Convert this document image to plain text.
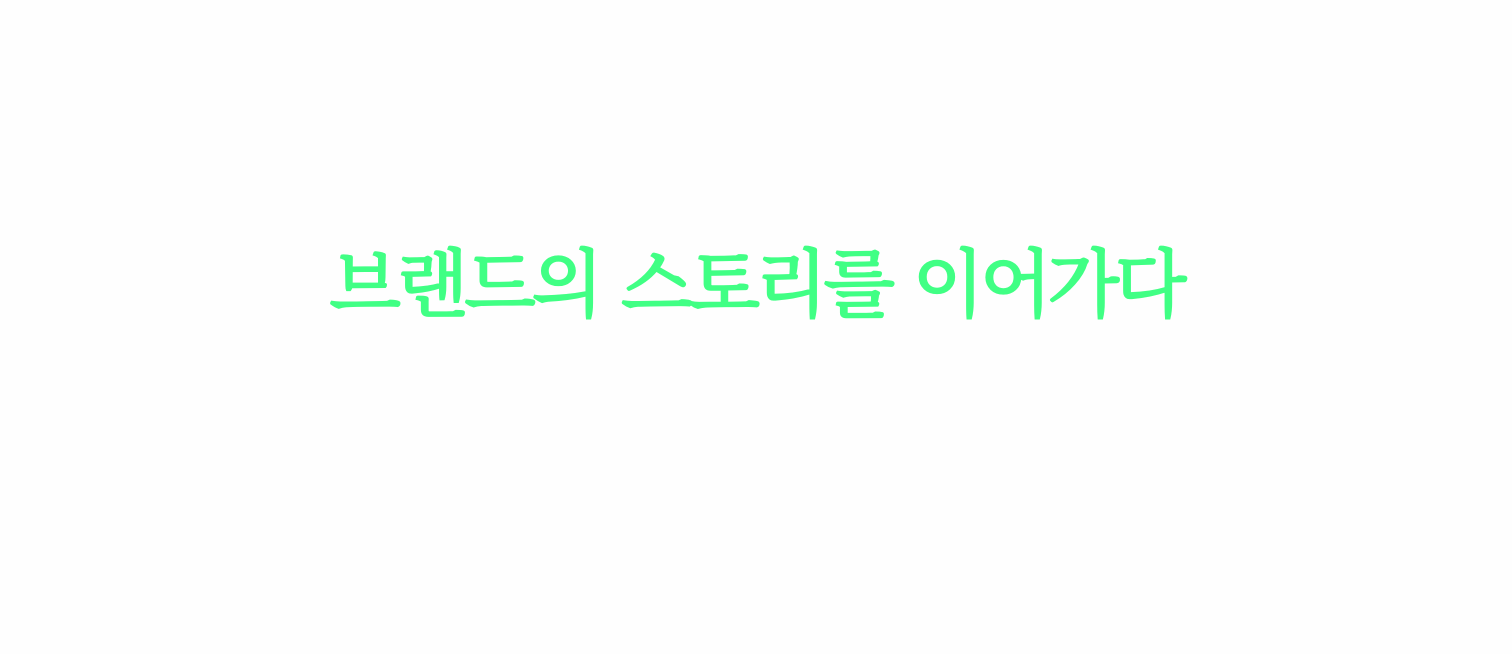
브랜드의 스토리를 이어가다
